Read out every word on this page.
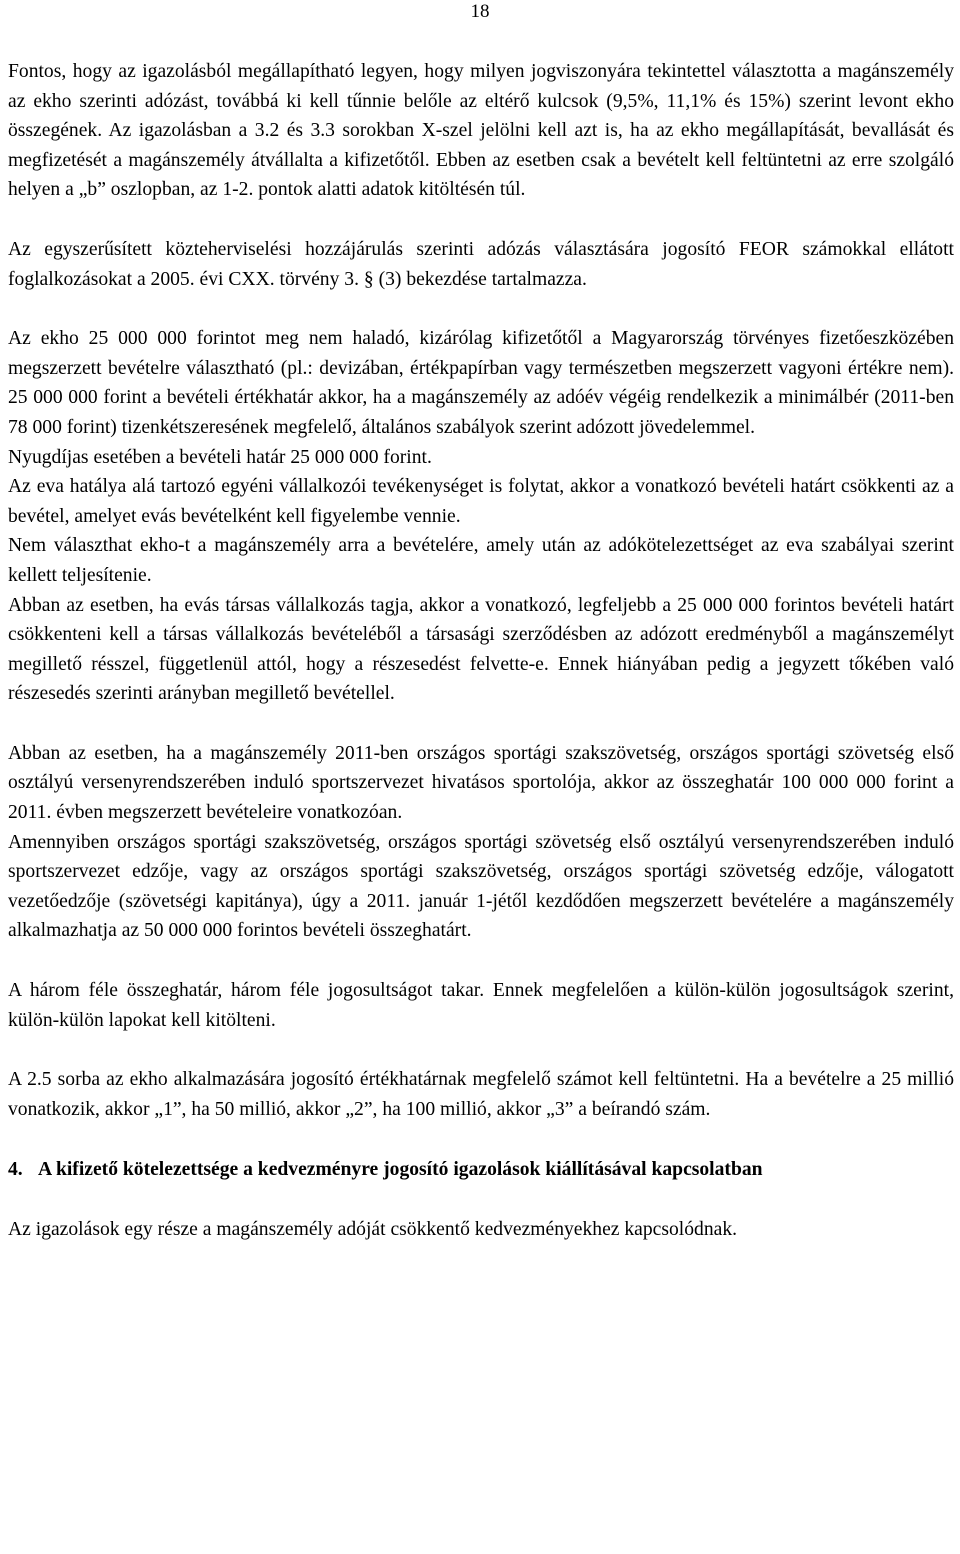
18

Fontos, hogy az igazolásból megállapítható legyen, hogy milyen jogviszonyára tekintettel választotta a magánszemély az ekho szerinti adózást, továbbá ki kell tűnnie belőle az eltérő kulcsok (9,5%, 11,1% és 15%) szerint levont ekho összegének. Az igazolásban a 3.2 és 3.3 sorokban X-szel jelölni kell azt is, ha az ekho megállapítását, bevallását és megfizetését a magánszemély átvállalta a kifizetőtől. Ebben az esetben csak a bevételt kell feltüntetni az erre szolgáló helyen a „b” oszlopban, az 1-2. pontok alatti adatok kitöltésén túl.

Az egyszerűsített közteherviselési hozzájárulás szerinti adózás választására jogosító FEOR számokkal ellátott foglalkozásokat a 2005. évi CXX. törvény 3. § (3) bekezdése tartalmazza.

Az ekho 25 000 000 forintot meg nem haladó, kizárólag kifizetőtől a Magyarország törvényes fizetőeszközében megszerzett bevételre választható (pl.: devizában, értékpapírban vagy természetben megszerzett vagyoni értékre nem). 25 000 000 forint a bevételi értékhatár akkor, ha a magánszemély az adóév végéig rendelkezik a minimálbér (2011-ben 78 000 forint) tizenkétszeresének megfelelő, általános szabályok szerint adózott jövedelemmel.

Nyugdíjas esetében a bevételi határ 25 000 000 forint.

Az eva hatálya alá tartozó egyéni vállalkozói tevékenységet is folytat, akkor a vonatkozó bevételi határt csökkenti az a bevétel, amelyet evás bevételként kell figyelembe vennie.

Nem választhat ekho-t a magánszemély arra a bevételére, amely után az adókötelezettséget az eva szabályai szerint kellett teljesítenie.

Abban az esetben, ha evás társas vállalkozás tagja, akkor a vonatkozó, legfeljebb a 25 000 000 forintos bevételi határt csökkenteni kell a társas vállalkozás bevételéből a társasági szerződésben az adózott eredményből a magánszemélyt megillető résszel, függetlenül attól, hogy a részesedést felvette-e. Ennek hiányában pedig a jegyzett tőkében való részesedés szerinti arányban megillető bevétellel.

Abban az esetben, ha a magánszemély 2011-ben országos sportági szakszövetség, országos sportági szövetség első osztályú versenyrendszerében induló sportszervezet hivatásos sportolója, akkor az összeghatár 100 000 000 forint a 2011. évben megszerzett bevételeire vonatkozóan.

Amennyiben országos sportági szakszövetség, országos sportági szövetség első osztályú versenyrendszerében induló sportszervezet edzője, vagy az országos sportági szakszövetség, országos sportági szövetség edzője, válogatott vezetőedzője (szövetségi kapitánya), úgy a 2011. január 1-jétől kezdődően megszerzett bevételére a magánszemély alkalmazhatja az 50 000 000 forintos bevételi összeghatárt.

A három féle összeghatár, három féle jogosultságot takar. Ennek megfelelően a külön-külön jogosultságok szerint, külön-külön lapokat kell kitölteni.

A 2.5 sorba az ekho alkalmazására jogosító értékhatárnak megfelelő számot kell feltüntetni. Ha a bevételre a 25 millió vonatkozik, akkor „1”, ha 50 millió, akkor „2”, ha 100 millió, akkor „3” a beírandó szám.

4. A kifizető kötelezettsége a kedvezményre jogosító igazolások kiállításával kapcsolatban

Az igazolások egy része a magánszemély adóját csökkentő kedvezményekhez kapcsolódnak.
